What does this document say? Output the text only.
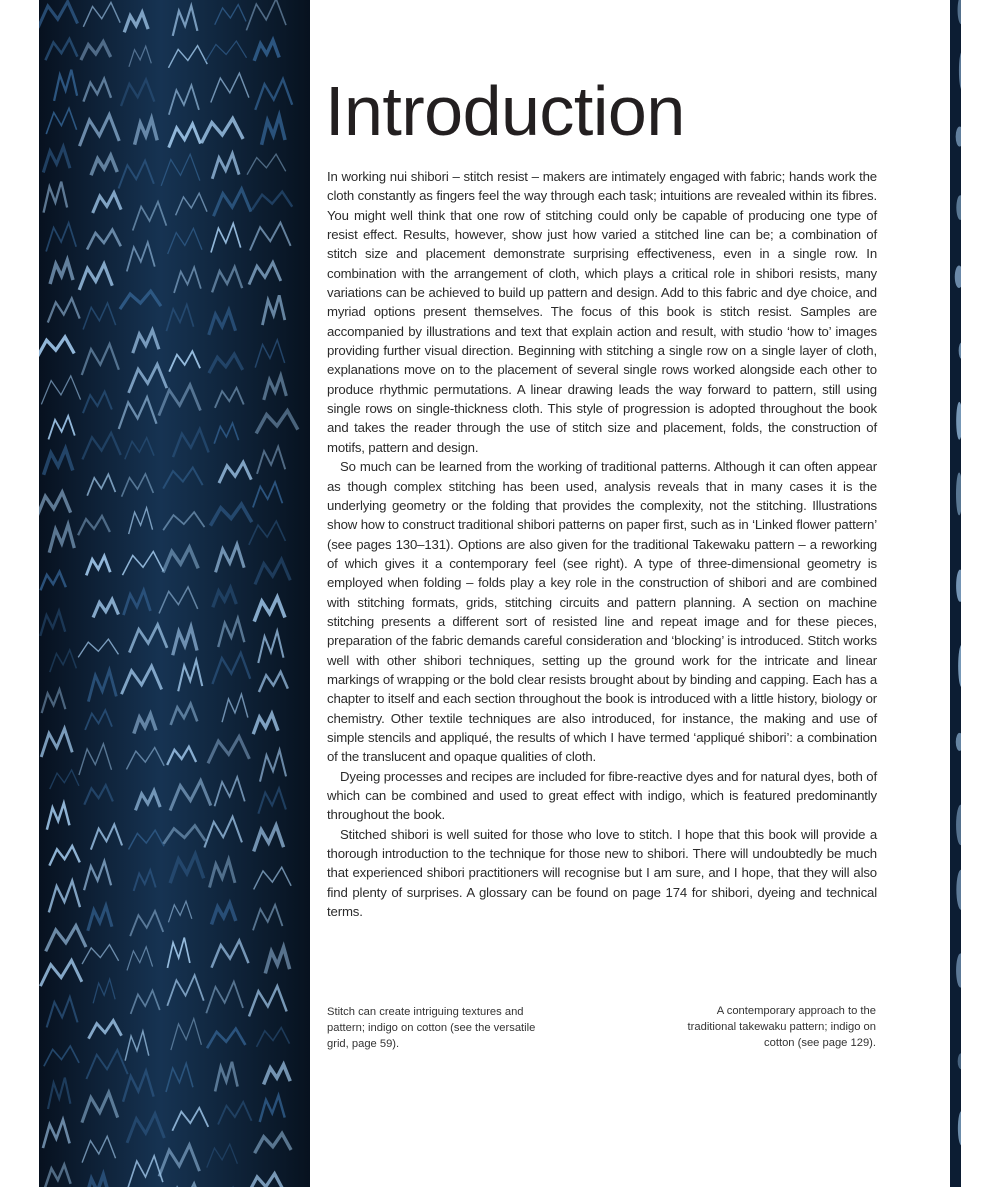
Introduction

In working nui shibori – stitch resist – makers are intimately engaged with fabric; hands work the cloth constantly as fingers feel the way through each task; intuitions are revealed within its fibres. You might well think that one row of stitching could only be capable of producing one type of resist effect. Results, however, show just how varied a stitched line can be; a combination of stitch size and placement demonstrate surprising effectiveness, even in a single row. In combination with the arrangement of cloth, which plays a critical role in shibori resists, many variations can be achieved to build up pattern and design. Add to this fabric and dye choice, and myriad options present themselves. The focus of this book is stitch resist. Samples are accompanied by illustrations and text that explain action and result, with studio ‘how to’ images providing further visual direction. Beginning with stitching a single row on a single layer of cloth, explanations move on to the placement of several single rows worked alongside each other to produce rhythmic permutations. A linear drawing leads the way forward to pattern, still using single rows on single-thickness cloth. This style of progression is adopted throughout the book and takes the reader through the use of stitch size and placement, folds, the construction of motifs, pattern and design.

So much can be learned from the working of traditional patterns. Although it can often appear as though complex stitching has been used, analysis reveals that in many cases it is the underlying geometry or the folding that provides the complexity, not the stitching. Illustrations show how to construct traditional shibori patterns on paper first, such as in ‘Linked flower pattern’ (see pages 130–131). Options are also given for the traditional Takewaku pattern – a reworking of which gives it a contemporary feel (see right). A type of three-dimensional geometry is employed when folding – folds play a key role in the construction of shibori and are combined with stitching formats, grids, stitching circuits and pattern planning. A section on machine stitching presents a different sort of resisted line and repeat image and for these pieces, preparation of the fabric demands careful consideration and ‘blocking’ is introduced. Stitch works well with other shibori techniques, setting up the ground work for the intricate and linear markings of wrapping or the bold clear resists brought about by binding and capping. Each has a chapter to itself and each section throughout the book is introduced with a little history, biology or chemistry. Other textile techniques are also introduced, for instance, the making and use of simple stencils and appliqué, the results of which I have termed ‘appliqué shibori’: a combination of the translucent and opaque qualities of cloth.

Dyeing processes and recipes are included for fibre-reactive dyes and for natural dyes, both of which can be combined and used to great effect with indigo, which is featured predominantly throughout the book.

Stitched shibori is well suited for those who love to stitch. I hope that this book will provide a thorough introduction to the technique for those new to shibori. There will undoubtedly be much that experienced shibori practitioners will recognise but I am sure, and I hope, that they will also find plenty of surprises. A glossary can be found on page 174 for shibori, dyeing and technical terms.

Stitch can create intriguing textures and pattern; indigo on cotton (see the versatile grid, page 59).

A contemporary approach to the traditional takewaku pattern; indigo on cotton (see page 129).
